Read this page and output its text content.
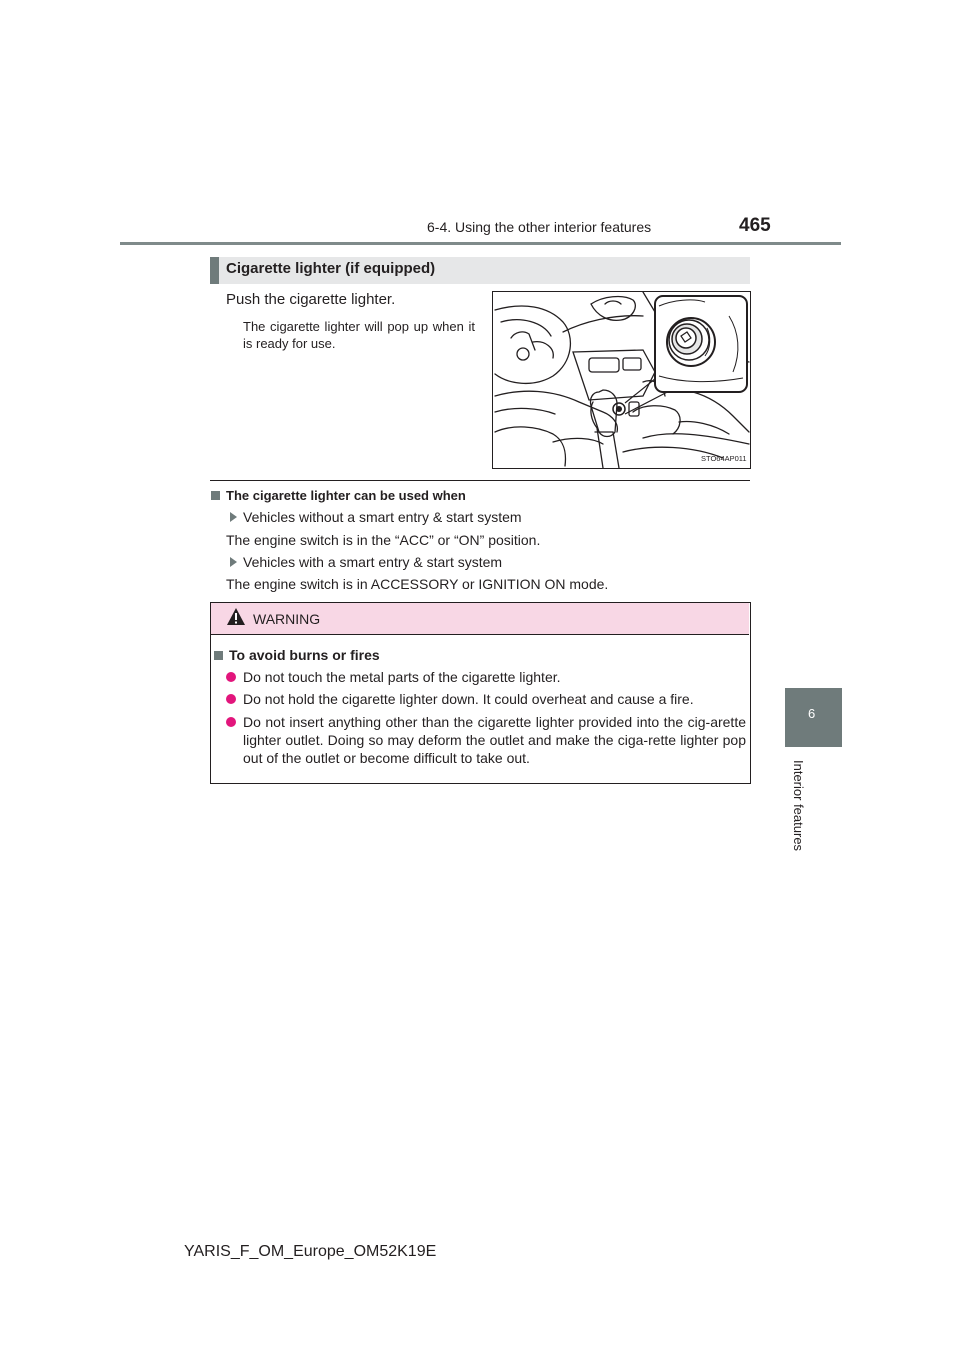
6-4. Using the other interior features	465
6
Interior features
Cigarette lighter (if equipped)
Push the cigarette lighter.
The cigarette lighter will pop up when it is ready for use.
STO64AP011
The cigarette lighter can be used when
Vehicles without a smart entry & start system
The engine switch is in the “ACC” or “ON” position.
Vehicles with a smart entry & start system
The engine switch is in ACCESSORY or IGNITION ON mode.
WARNING
To avoid burns or fires
Do not touch the metal parts of the cigarette lighter.
Do not hold the cigarette lighter down. It could overheat and cause a fire.
Do not insert anything other than the cigarette lighter provided into the cig-arette lighter outlet. Doing so may deform the outlet and make the ciga-rette lighter pop out of the outlet or become difficult to take out.
YARIS_F_OM_Europe_OM52K19E
